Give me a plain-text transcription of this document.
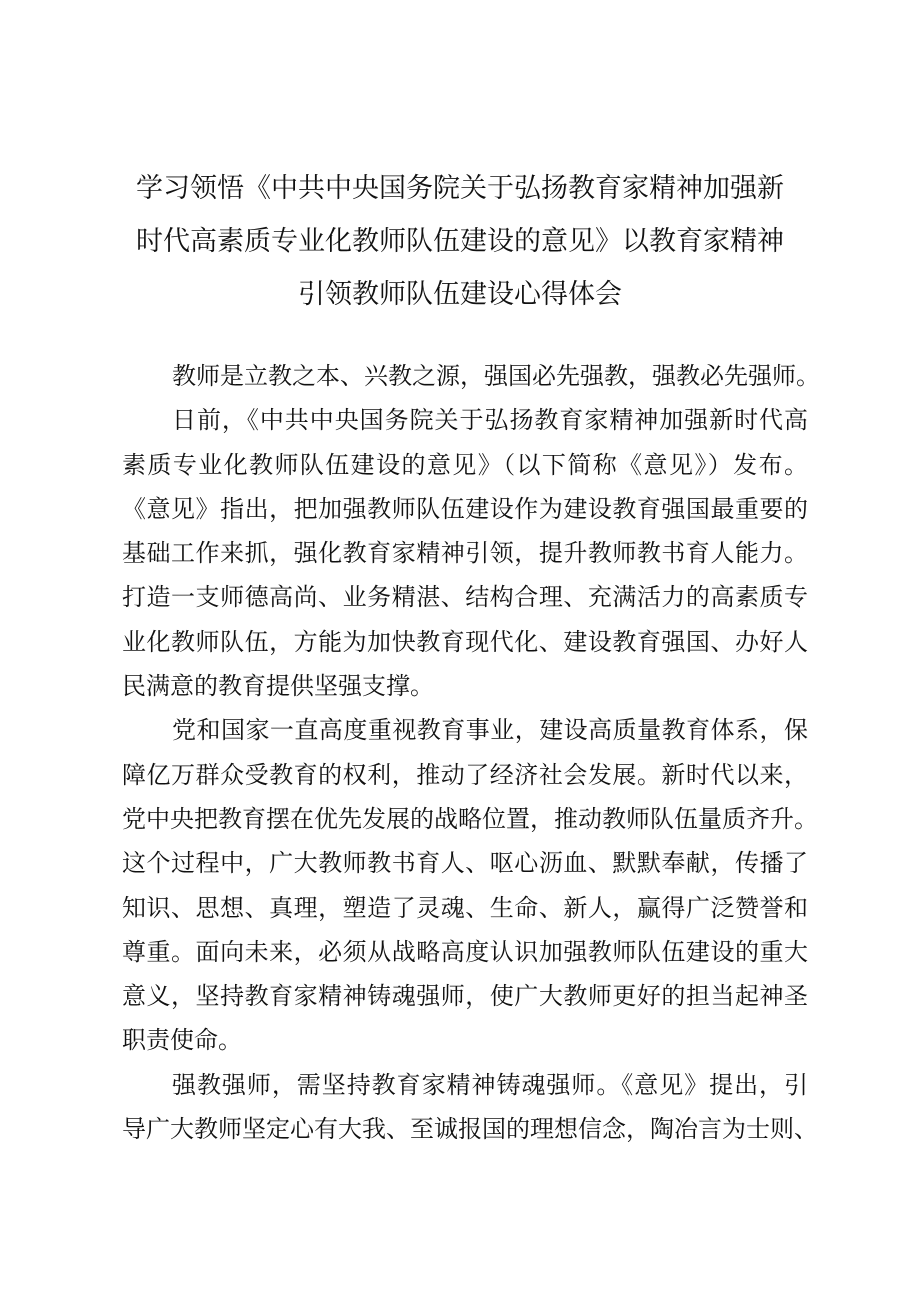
学习领悟《中共中央国务院关于弘扬教育家精神加强新
时代高素质专业化教师队伍建设的意见》以教育家精神
引领教师队伍建设心得体会
教师是立教之本、兴教之源，强国必先强教，强教必先强师。
日前，《中共中央国务院关于弘扬教育家精神加强新时代高
素质专业化教师队伍建设的意见》（以下简称《意见》）发布。
《意见》指出，把加强教师队伍建设作为建设教育强国最重要的
基础工作来抓，强化教育家精神引领，提升教师教书育人能力。
打造一支师德高尚、业务精湛、结构合理、充满活力的高素质专
业化教师队伍，方能为加快教育现代化、建设教育强国、办好人
民满意的教育提供坚强支撑。
党和国家一直高度重视教育事业，建设高质量教育体系，保
障亿万群众受教育的权利，推动了经济社会发展。新时代以来，
党中央把教育摆在优先发展的战略位置，推动教师队伍量质齐升。
这个过程中，广大教师教书育人、呕心沥血、默默奉献，传播了
知识、思想、真理，塑造了灵魂、生命、新人，赢得广泛赞誉和
尊重。面向未来，必须从战略高度认识加强教师队伍建设的重大
意义，坚持教育家精神铸魂强师，使广大教师更好的担当起神圣
职责使命。
强教强师，需坚持教育家精神铸魂强师。《意见》提出，引
导广大教师坚定心有大我、至诚报国的理想信念，陶冶言为士则、
